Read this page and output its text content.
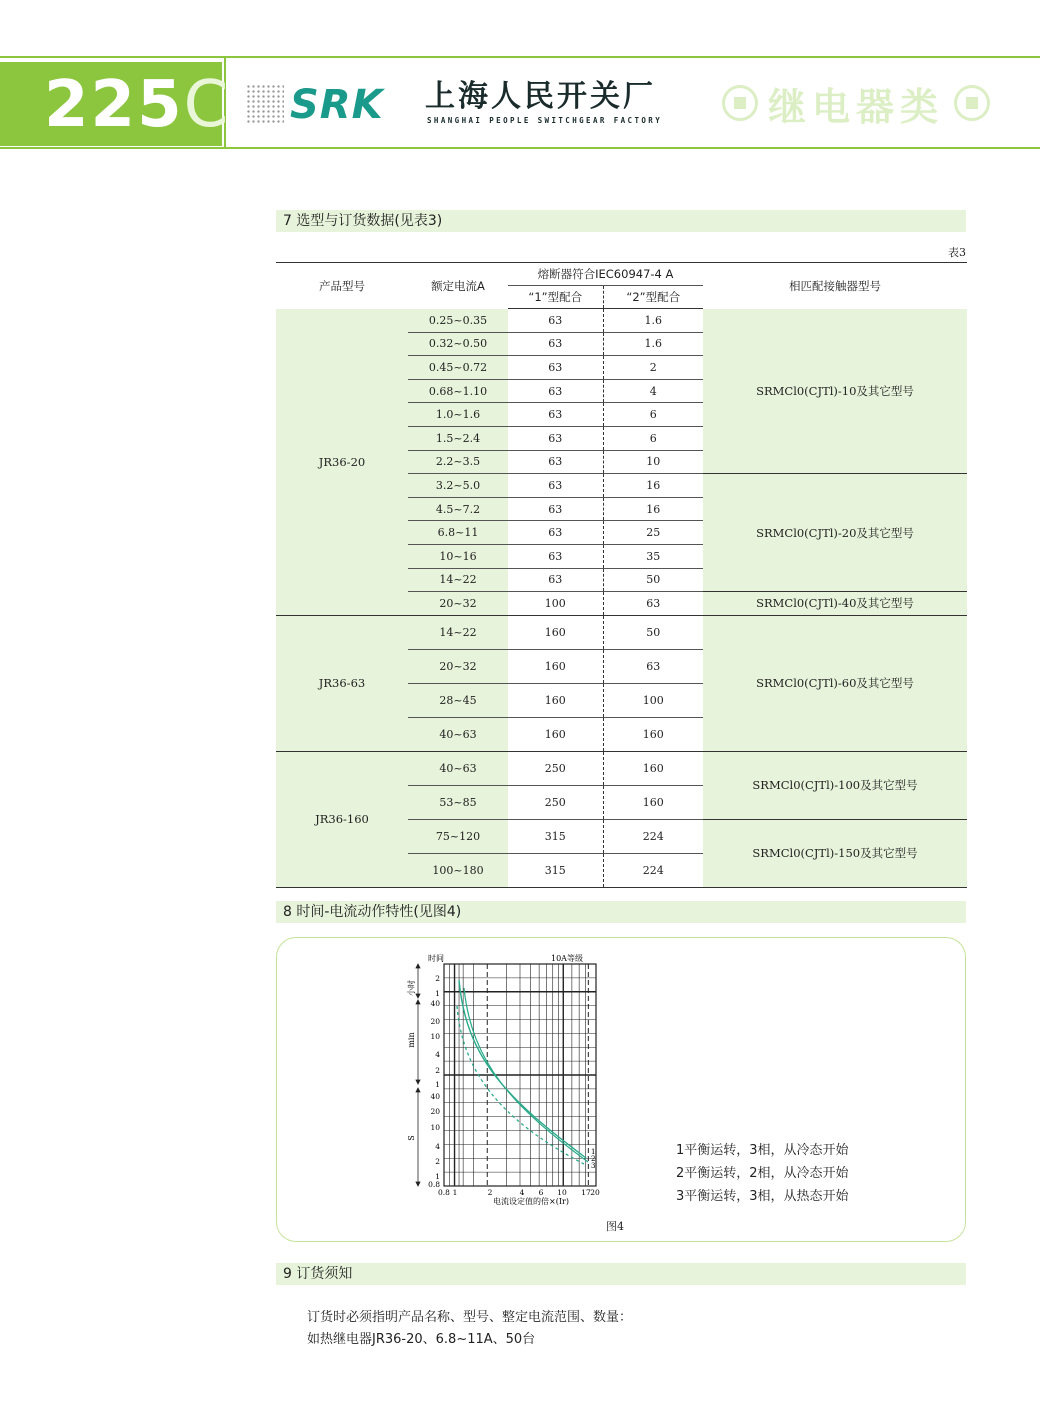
225C SRK 上海人民开关厂
SHANGHAI PEOPLE SWITCHGEAR FACTORY	继电器类
7 选型与订货数据(见表3)
表3
产品型号	额定电流A	熔断器符合IEC60947-4 A		相匹配接触器型号
		“1”型配合	“2”型配合	
JR36-20	0.25~0.35	63	1.6	SRMCl0(CJTl)-10及其它型号
	0.32~0.50	63	1.6	
	0.45~0.72	63	2	
	0.68~1.10	63	4	
	1.0~1.6	63	6	
	1.5~2.4	63	6	
	2.2~3.5	63	10	
	3.2~5.0	63	16	SRMCl0(CJTl)-20及其它型号
	4.5~7.2	63	16	
	6.8~11	63	25	
	10~16	63	35	
	14~22	63	50	
	20~32	100	63	SRMCl0(CJTl)-40及其它型号
JR36-63	14~22	160	50	SRMCl0(CJTl)-60及其它型号
	20~32	160	63	
	28~45	160	100	
	40~63	160	160	
JR36-160	40~63	250	160	SRMCl0(CJTl)-100及其它型号
	53~85	250	160	
	75~120	315	224	SRMCl0(CJTl)-150及其它型号
	100~180	315	224	
8 时间-电流动作特性(见图4)
2
1
40
20
10
4
2
1
40
20
10
4
2
1
0.8
0.8 1	2	4 6 10 17 20
1
2
3
时间	10A等级
小时
min
S
电流设定值的倍×(Ir)
1平衡运转，3相，从冷态开始
2平衡运转，2相，从冷态开始
3平衡运转，3相，从热态开始
图4
9 订货须知
订货时必须指明产品名称、型号、整定电流范围、数量：
如热继电器JR36-20、6.8~11A、50台
